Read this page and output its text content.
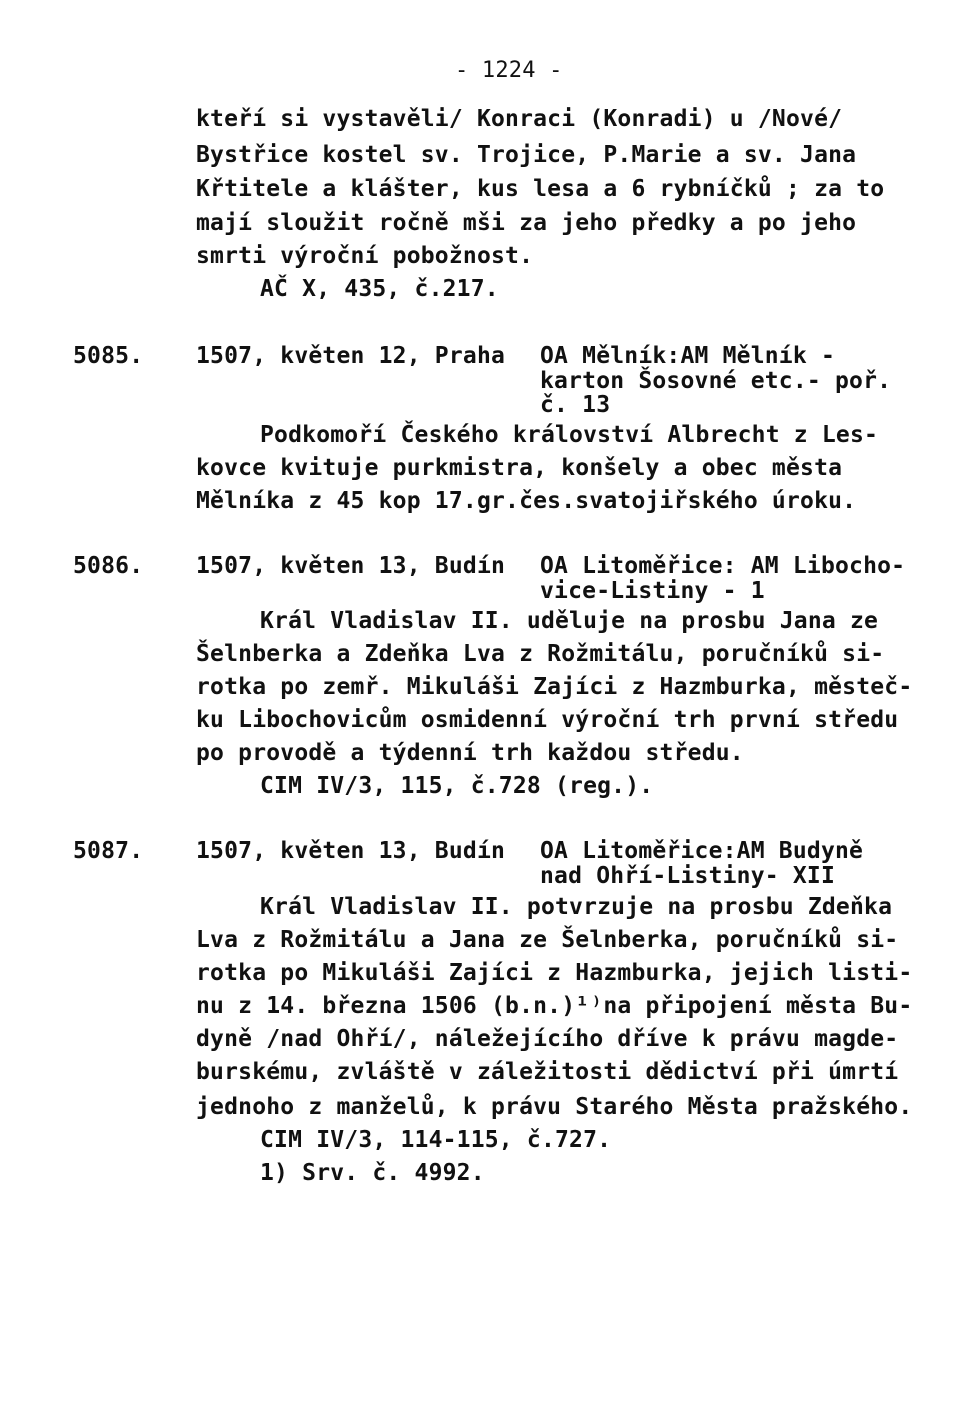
- 1224 -
kteří si vystavěli/ Konraci (Konradi) u /Nové/
Bystřice kostel sv. Trojice, P.Marie a sv. Jana
Křtitele a klášter, kus lesa a 6 rybníčků ; za to
mají sloužit ročně mši za jeho předky a po jeho
smrti výroční pobožnost.
AČ X, 435, č.217.
5085. 1507, květen 12, Praha OA Mělník:AM Mělník -
karton Šosovné etc.- poř.
č. 13
Podkomoří Českého království Albrecht z Les-
kovce kvituje purkmistra, konšely a obec města
Mělníka z 45 kop 17.gr.čes.svatojiřského úroku.
5086. 1507, květen 13, Budín OA Litoměřice: AM Libocho-
vice-Listiny - 1
Král Vladislav II. uděluje na prosbu Jana ze
Šelnberka a Zdeňka Lva z Rožmitálu, poručníků si-
rotka po zemř. Mikuláši Zajíci z Hazmburka, městeč-
ku Libochovicům osmidenní výroční trh první středu
po provodě a týdenní trh každou středu.
CIM IV/3, 115, č.728 (reg.).
5087. 1507, květen 13, Budín OA Litoměřice:AM Budyně
nad Ohří-Listiny- XII
Král Vladislav II. potvrzuje na prosbu Zdeňka
Lva z Rožmitálu a Jana ze Šelnberka, poručníků si-
rotka po Mikuláši Zajíci z Hazmburka, jejich listi-
nu z 14. března 1506 (b.n.)¹⁾na připojení města Bu-
dyně /nad Ohří/, náležejícího dříve k právu magde-
burskému, zvláště v záležitosti dědictví při úmrtí
jednoho z manželů, k právu Starého Města pražského.
CIM IV/3, 114-115, č.727.
1) Srv. č. 4992.
